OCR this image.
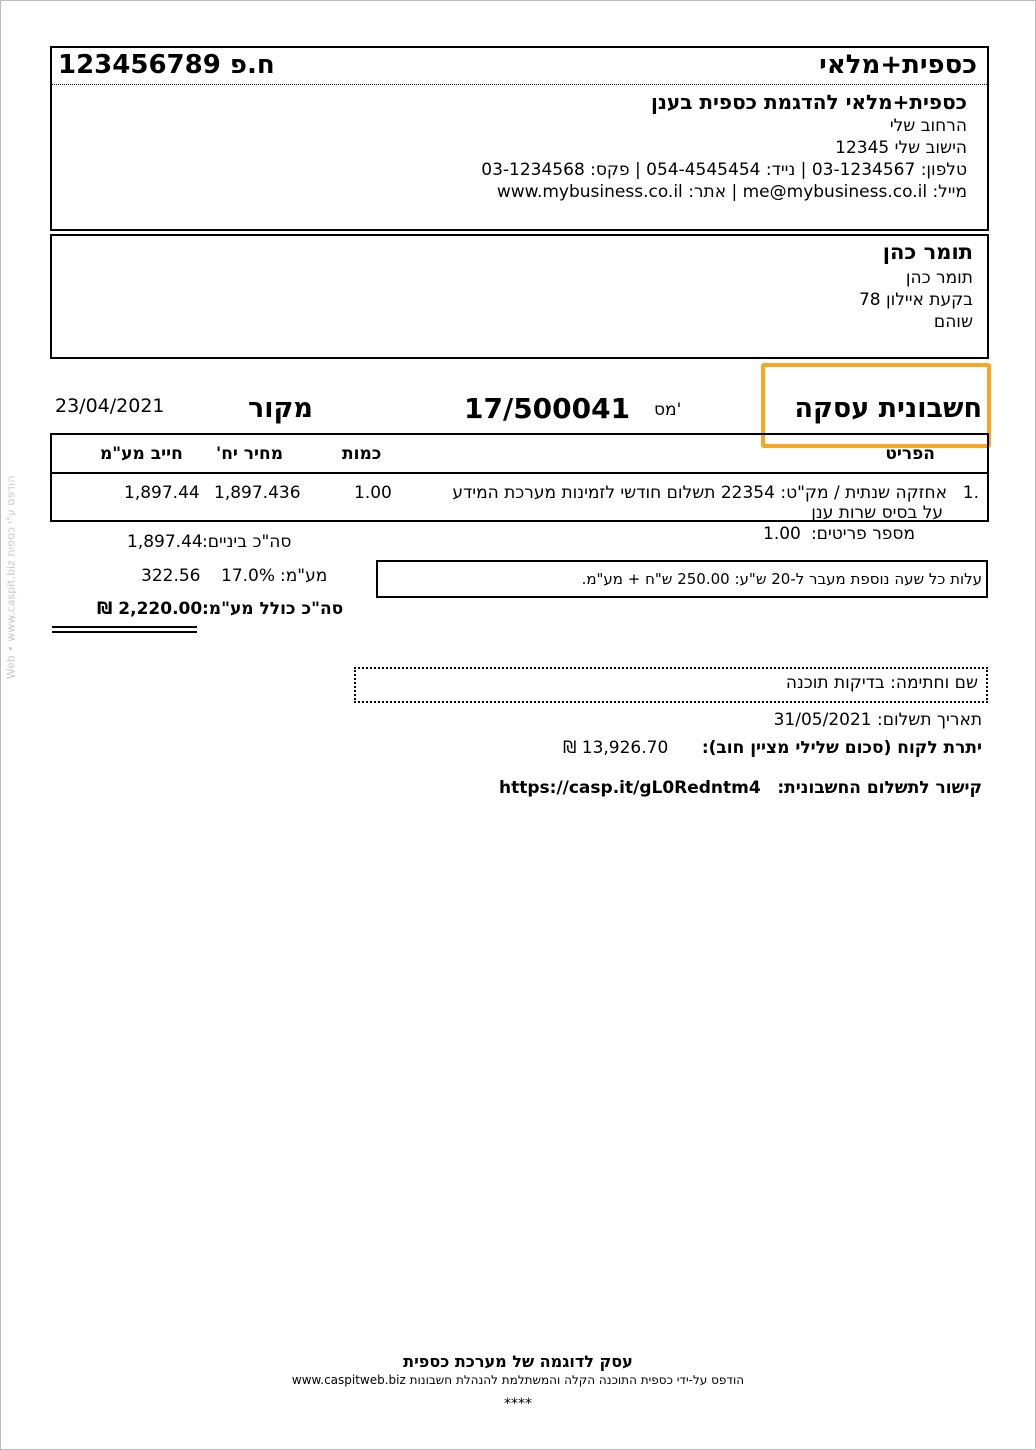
הודפס ע"י כספית Web • www.caspit.biz
כספית+מלאי
ח.פ 123456789
כספית+מלאי להדגמת כספית בענן
הרחוב שלי
הישוב שלי 12345
טלפון: 03-1234567 | נייד: 054-4545454 | פקס: 03-1234568
מייל: me@mybusiness.co.il | אתר: www.mybusiness.co.il
תומר כהן
תומר כהן
בקעת איילון 78
שוהם
חשבונית עסקה
מס'
17/500041
מקור
23/04/2021
הפריט
כמות
מחיר יח'
חייב מע"מ
1.
אחזקה שנתית / מק"ט: 22354 תשלום חודשי לזמינות מערכת המידע
על בסיס שרות ענן
1.00
1,897.436
1,897.44
מספר פריטים:
1.00
סה"כ ביניים:
1,897.44
מע"מ:
17.0%
322.56
סה"כ כולל מע"מ:
2,220.00 ₪
עלות כל שעה נוספת מעבר ל-20 ש"ע: 250.00 ש"ח + מע"מ.
שם וחתימה: בדיקות תוכנה
תאריך תשלום: 31/05/2021
יתרת לקוח (סכום שלילי מציין חוב):
13,926.70 ₪
קישור לתשלום החשבונית:
https://casp.it/gL0Redntm4
עסק לדוגמה של מערכת כספית
הודפס על-ידי כספית התוכנה הקלה והמשתלמת להנהלת חשבונות www.caspitweb.biz
****
